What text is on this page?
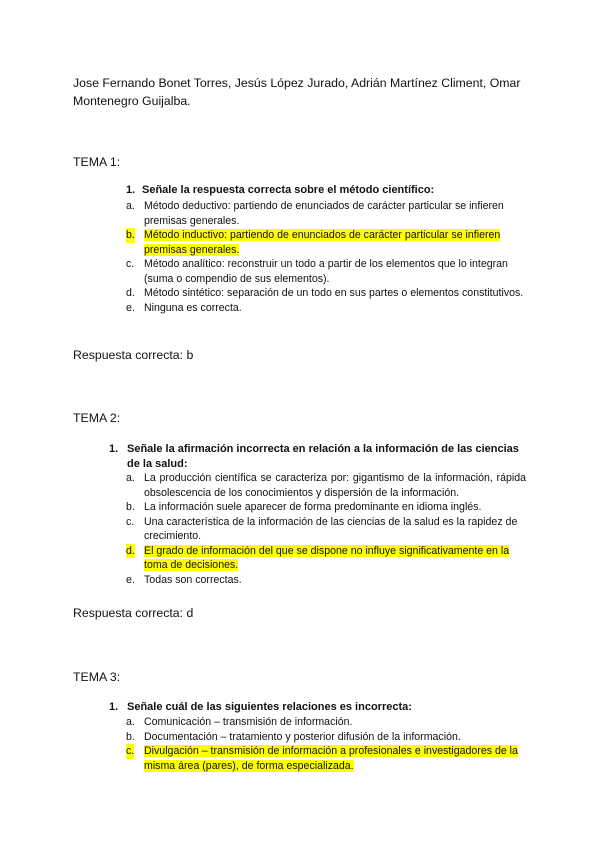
Jose Fernando Bonet Torres, Jesús López Jurado, Adrián Martínez Climent, Omar Montenegro Guijalba.
TEMA 1:
1. Señale la respuesta correcta sobre el método científico:
a. Método deductivo: partiendo de enunciados de carácter particular se infieren premisas generales.
b. Método inductivo: partiendo de enunciados de carácter particular se infieren premisas generales.
c. Método analítico: reconstruir un todo a partir de los elementos que lo integran (suma o compendio de sus elementos).
d. Método sintético: separación de un todo en sus partes o elementos constitutivos.
e. Ninguna es correcta.
Respuesta correcta: b
TEMA 2:
1. Señale la afirmación incorrecta en relación a la información de las ciencias de la salud:
a. La producción científica se caracteriza por: gigantismo de la información, rápida obsolescencia de los conocimientos y dispersión de la información.
b. La información suele aparecer de forma predominante en idioma inglés.
c. Una característica de la información de las ciencias de la salud es la rapidez de crecimiento.
d. El grado de información del que se dispone no influye significativamente en la toma de decisiones.
e. Todas son correctas.
Respuesta correcta: d
TEMA 3:
1. Señale cuál de las siguientes relaciones es incorrecta:
a. Comunicación – transmisión de información.
b. Documentación – tratamiento y posterior difusión de la información.
c. Divulgación – transmisión de información a profesionales e investigadores de la misma área (pares), de forma especializada.
